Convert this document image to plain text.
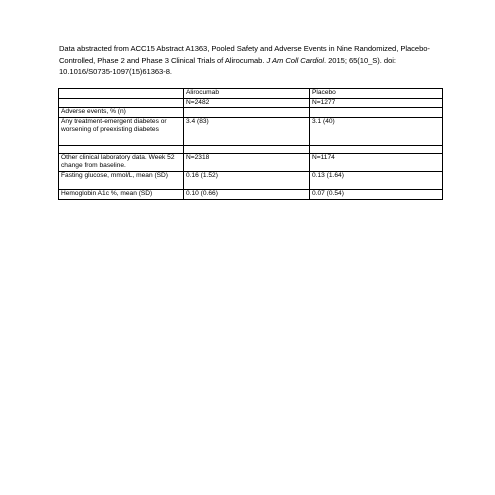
Data abstracted from ACC15 Abstract A1363, Pooled Safety and Adverse Events in Nine Randomized, Placebo-Controlled, Phase 2 and Phase 3 Clinical Trials of Alirocumab. J Am Coll Cardiol. 2015; 65(10_S). doi: 10.1016/S0735-1097(15)61363-8.
	Alirocumab	Placebo
	N=2482	N=1277
Adverse events, % (n)		
Any treatment-emergent diabetes or worsening of preexisting diabetes	3.4 (83)	3.1 (40)

Other clinical laboratory data. Week 52 change from baseline.	N=2318	N=1174
Fasting glucose, mmol/L, mean (SD)	0.16 (1.52)	0.13 (1.64)
Hemoglobin A1c %, mean (SD)	0.10 (0.66)	0.07 (0.54)
